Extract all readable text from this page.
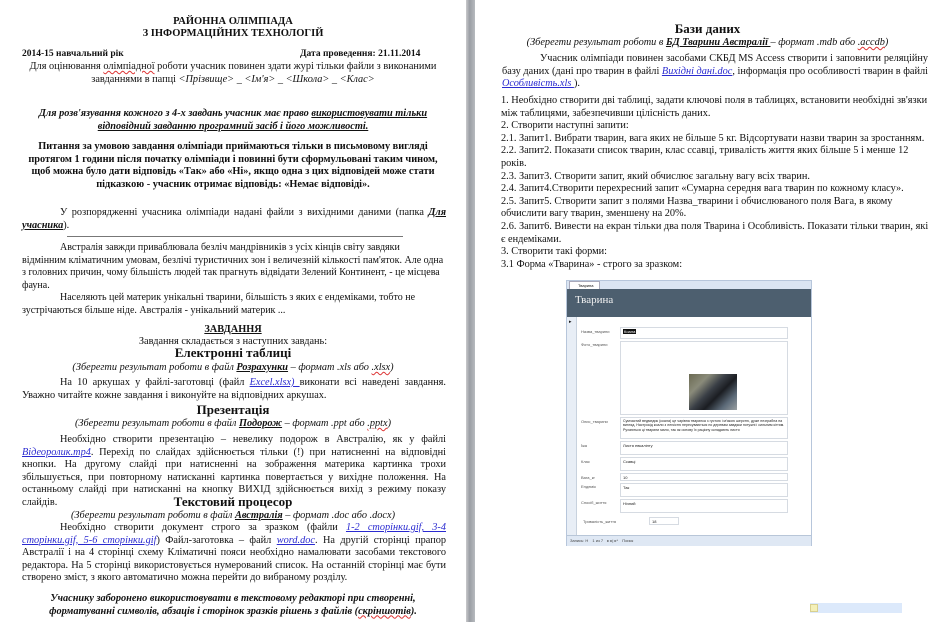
РАЙОННА ОЛІМПІАДА
З ІНФОРМАЦІЙНИХ ТЕХНОЛОГІЙ
2014-15 навчальний рік	Дата проведення: 21.11.2014
Для оцінювання олімпіадної роботи учасник повинен здати журі тільки файли з виконаними завданнями в папці <Прізвище> _ <Ім'я> _ <Школа> _ <Клас>
Для розв'язування кожного з 4-х завдань учасник має право використовувати тільки відповідний завданню програмний засіб і його можливості.
Питання за умовою завдання олімпіади приймаються тільки в письмовому вигляді протягом 1 години після початку олімпіади і повинні бути сформульовані таким чином, щоб можна було дати відповідь «Так» або «Ні», якщо одна з цих відповідей може стати підказкою - учасник отримає відповідь: «Немає відповіді».
У розпорядженні учасника олімпіади надані файли з вихідними даними (папка Для учасника).
Австралія завжди приваблювала безліч мандрівників з усіх кінців світу завдяки відмінним кліматичним умовам, безлічі туристичних зон і величезній кількості пам'яток. Але одна з головних причин, чому більшість людей так прагнуть відвідати Зелений Континент, - це місцева фауна.
Населяють цей материк унікальні тварини, більшість з яких є ендеміками, тобто не зустрічаються більше ніде. Австралія - унікальний материк ...
ЗАВДАННЯ
Завдання складається з наступних завдань:
Електронні таблиці
(Зберегти результат роботи в файл Розрахунки – формат .xls або .xlsx)
На 10 аркушах у файлі-заготовці (файл Excel.xlsx) виконати всі наведені завдання. Уважно читайте кожне завдання і виконуйте на відповідних аркушах.
Презентація
(Зберегти результат роботи в файл Подорож – формат .ppt або .pptx)
Необхідно створити презентацію – невелику подорож в Австралію, як у файлі Відеоролик.mp4. Перехід по слайдах здійснюється тільки (!) при натисненні на відповідні кнопки. На другому слайді при натисненні на зображення материка картинка трохи збільшується, при повторному натисканні картинка повертається у вихідне положення. На останньому слайді при натисканні на кнопку ВИХІД здійснюється вихід з режиму показу слайдів.	Текстовий процесор
(Зберегти результат роботи в файл Австралія – формат .doc або .docx)
Необхідно створити документ строго за зразком (файли 1-2 сторінки.gif, 3-4 сторінки.gif, 5-6 сторінки.gif) Файл-заготовка – файл word.doc. На другій сторінці прапор Австралії і на 4 сторінці схему Кліматичні пояси необхідно намалювати засобами текстового редактора. На 5 сторінці використовується нумерований список. На останній сторінці має бути створено зміст, з якого автоматично можна перейти до вибраному розділу.
Учаснику заборонено використовувати в текстовому редакторі при створенні, форматуванні символів, абзаців і сторінок зразків рішень з файлів (скріншотів).
Бази даних
(Зберегти результат роботи в БД Тварини Австралії – формат .mdb або .accdb)
Учасник олімпіади повинен засобами СКБД MS Access створити і заповнити реляційну базу даних (дані про тварин в файлі Вихідні дані.doc, інформація про особливості тварин в файлі Особливість.xls ).
1. Необхідно створити дві таблиці, задати ключові поля в таблицях, встановити необхідні зв'язки між таблицями, забезпечивши цілісність даних.
2. Створити наступні запити:
2.1. Запит1. Вибрати тварин, вага яких не більше 5 кг. Відсортувати назви тварин за зростанням.
2.2. Запит2. Показати список тварин, клас ссавці, тривалість життя яких більше 5 і менше 12 років.
2.3. Запит3. Створити запит, який обчислює загальну вагу всіх тварин.
2.4. Запит4.Створити перехресний запит «Сумарна середня вага тварин по кожному класу».
2.5. Запит5. Створити запит з полями Назва_тварини і обчислюваного поля Вага, в якому обчислити вагу тварин, зменшену на 20%.
2.6. Запит6. Вивести на екран тільки два поля Тварина і Особливість. Показати тільки тварин, які є ендеміками.
3. Створити такі форми:
3.1 Форма «Тварина» - строго за зразком:
Тварина
Тварина
▸
Назва_тварини	Коала
Фото_тварини
Опис_тварини	Сумчастий ведмедик (коала) це чарівна тваринка з густою і м'якою шерстю, дуже незграбна на вигляд. Настрокід коали з легкістю пересуваються по деревам завдяки потужні і сильним кігтям. Рухаються ці тварини мало, так як основу їх раціону складають листя
Їжа	Листя евкаліпту
Клас	Ссавці
Вага_кг	10
Ендемік	Так
Спосіб_життя	Нічний
Тривалість_життя	18
Запись: Н 1 из 7 ▸ ▸| ▸* Поиск
